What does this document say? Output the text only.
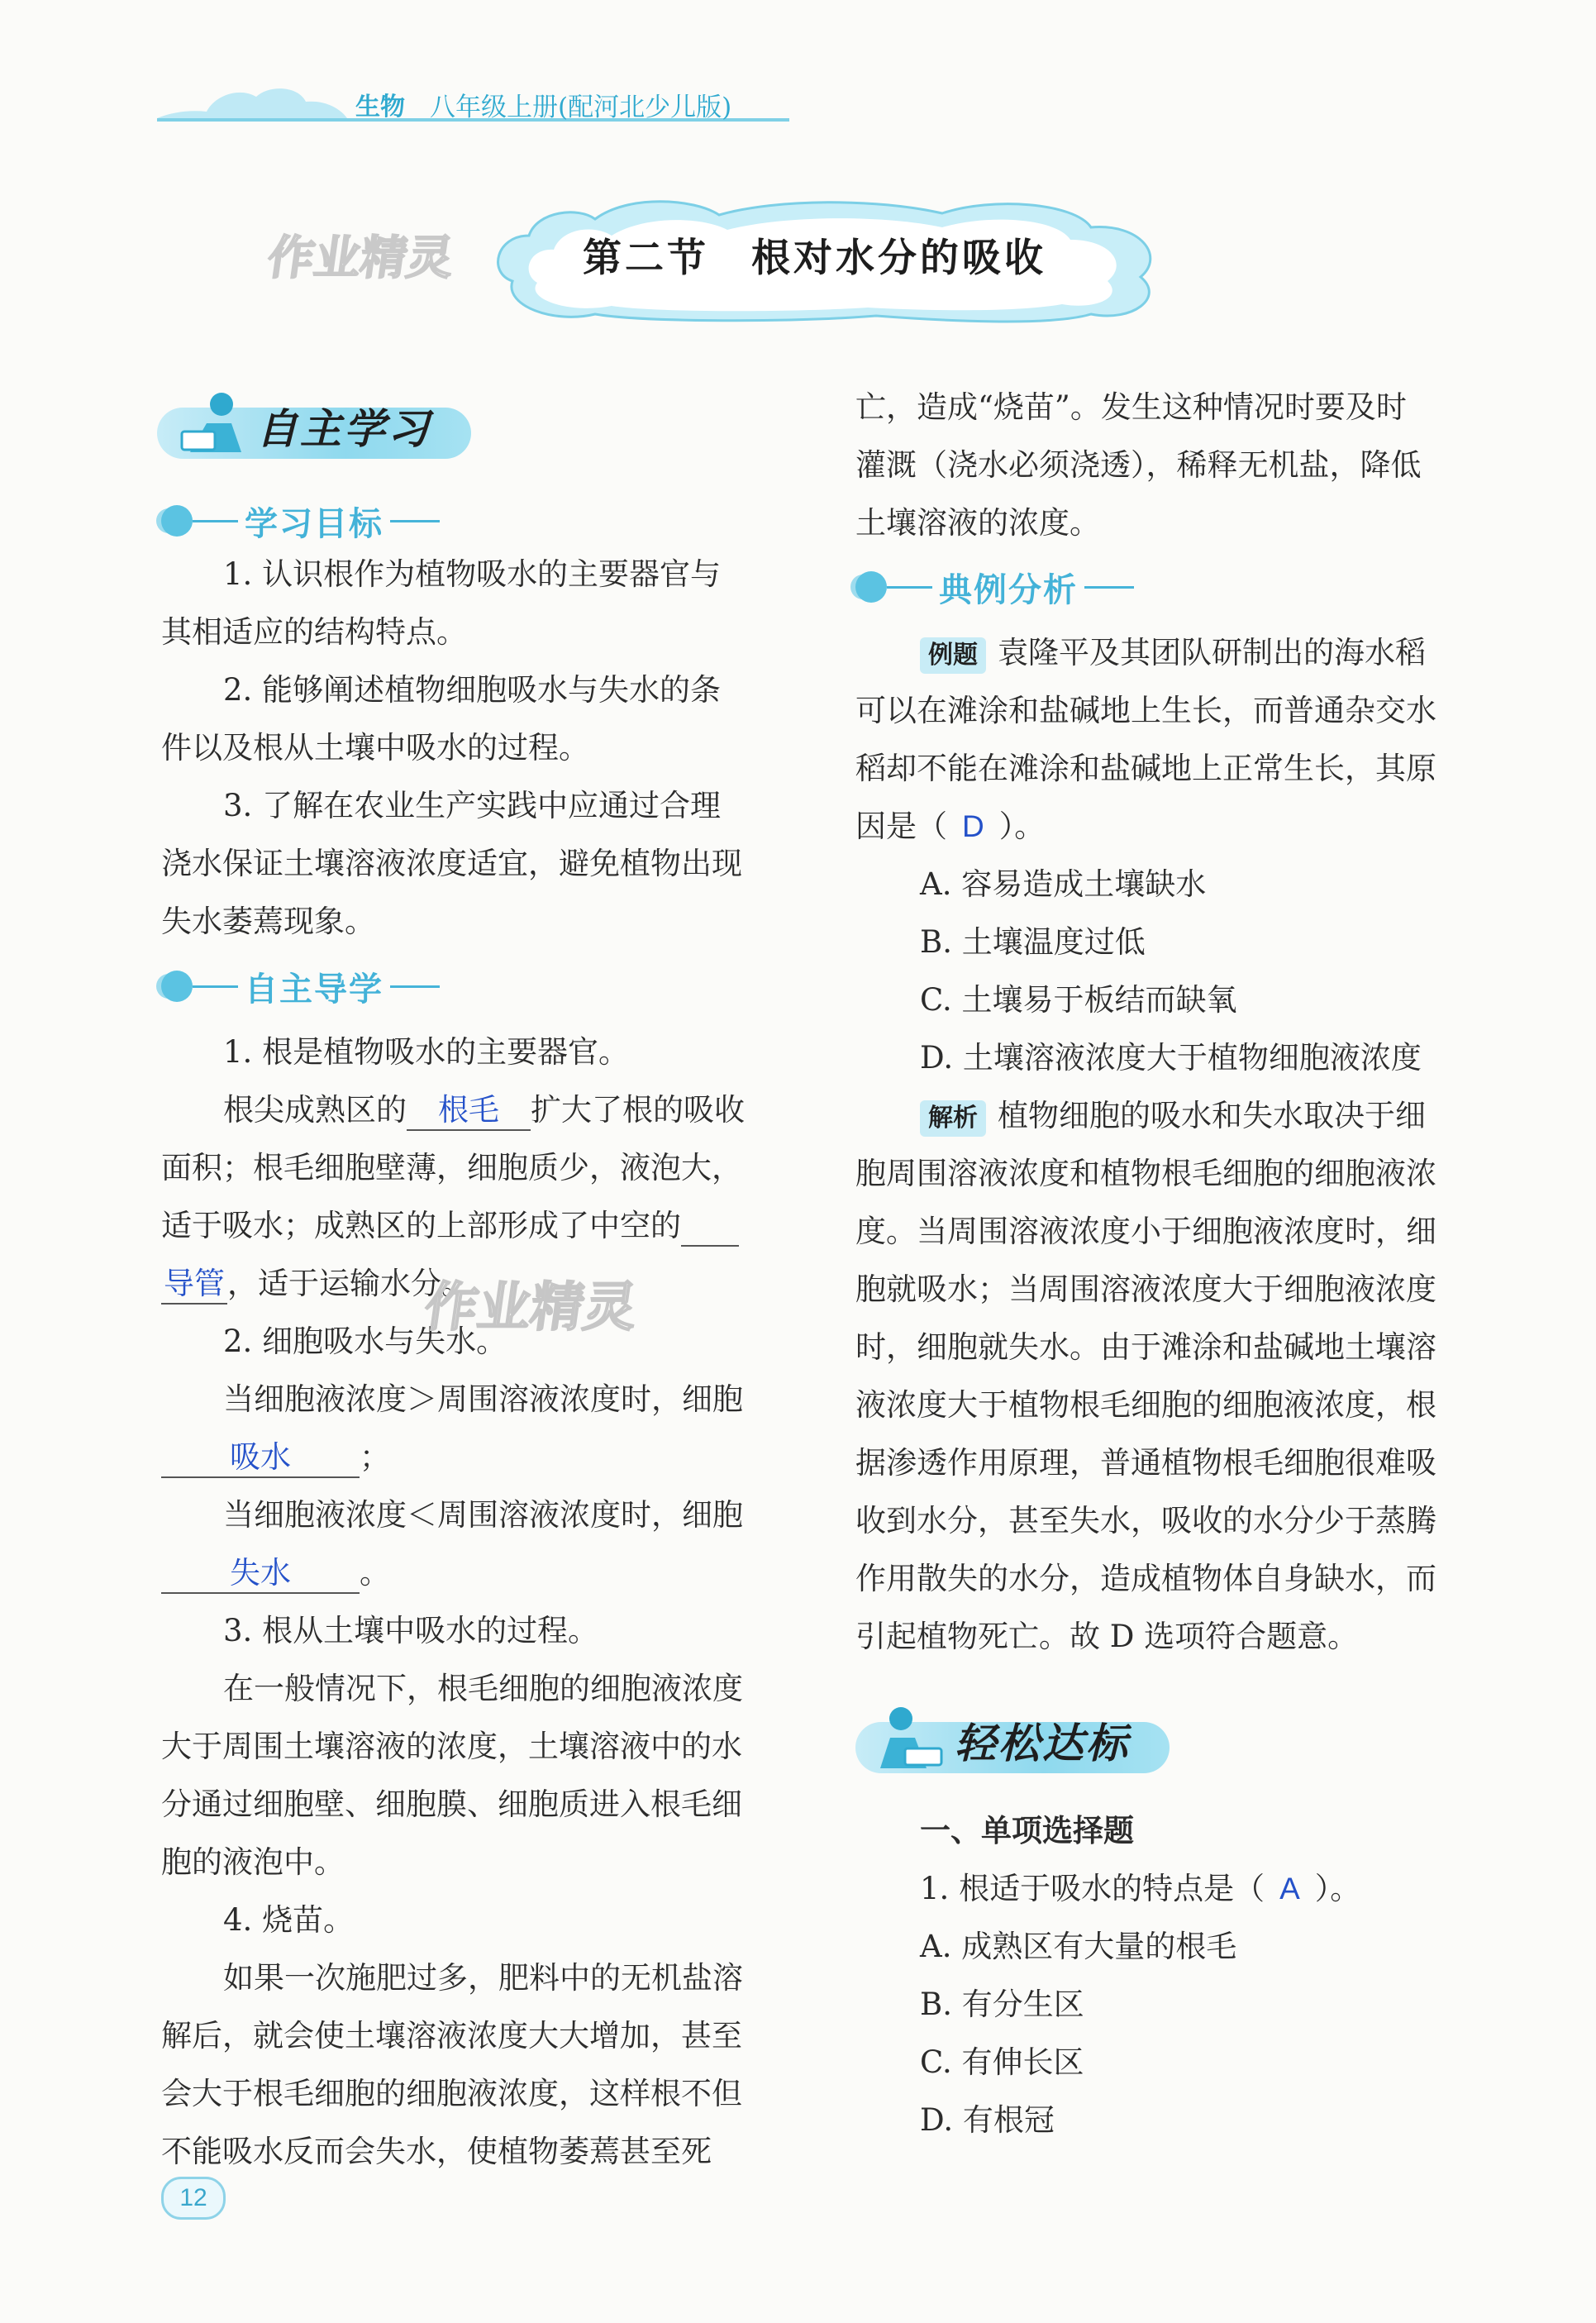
生物 八年级上册(配河北少儿版)
作业精灵	第二节　根对水分的吸收
自主学习
学习目标
1. 认识根作为植物吸水的主要器官与
其相适应的结构特点。
2. 能够阐述植物细胞吸水与失水的条
件以及根从土壤中吸水的过程。
3. 了解在农业生产实践中应通过合理
浇水保证土壤溶液浓度适宜，避免植物出现
失水萎蔫现象。
自主导学
1. 根是植物吸水的主要器官。
根尖成熟区的 根毛 扩大了根的吸收
面积；根毛细胞壁薄，细胞质少，液泡大，
适于吸水；成熟区的上部形成了中空的
导管，适于运输水分。
2. 细胞吸水与失水。
当细胞液浓度＞周围溶液浓度时，细胞
吸水 ；
当细胞液浓度＜周围溶液浓度时，细胞
失水 。
3. 根从土壤中吸水的过程。
在一般情况下，根毛细胞的细胞液浓度
大于周围土壤溶液的浓度，土壤溶液中的水
分通过细胞壁、细胞膜、细胞质进入根毛细
胞的液泡中。
4. 烧苗。
如果一次施肥过多，肥料中的无机盐溶
解后，就会使土壤溶液浓度大大增加，甚至
会大于根毛细胞的细胞液浓度，这样根不但
不能吸水反而会失水，使植物萎蔫甚至死
作业精灵
亡，造成“烧苗”。发生这种情况时要及时
灌溉（浇水必须浇透），稀释无机盐，降低
土壤溶液的浓度。
典例分析
例题 袁隆平及其团队研制出的海水稻
可以在滩涂和盐碱地上生长，而普通杂交水
稻却不能在滩涂和盐碱地上正常生长，其原
因是（ D ）。
A. 容易造成土壤缺水
B. 土壤温度过低
C. 土壤易于板结而缺氧
D. 土壤溶液浓度大于植物细胞液浓度
解析 植物细胞的吸水和失水取决于细
胞周围溶液浓度和植物根毛细胞的细胞液浓
度。当周围溶液浓度小于细胞液浓度时，细
胞就吸水；当周围溶液浓度大于细胞液浓度
时，细胞就失水。由于滩涂和盐碱地土壤溶
液浓度大于植物根毛细胞的细胞液浓度，根
据渗透作用原理，普通植物根毛细胞很难吸
收到水分，甚至失水，吸收的水分少于蒸腾
作用散失的水分，造成植物体自身缺水，而
引起植物死亡。故 D 选项符合题意。
轻松达标
一、单项选择题
1. 根适于吸水的特点是（ A ）。
A. 成熟区有大量的根毛
B. 有分生区
C. 有伸长区
D. 有根冠
12
